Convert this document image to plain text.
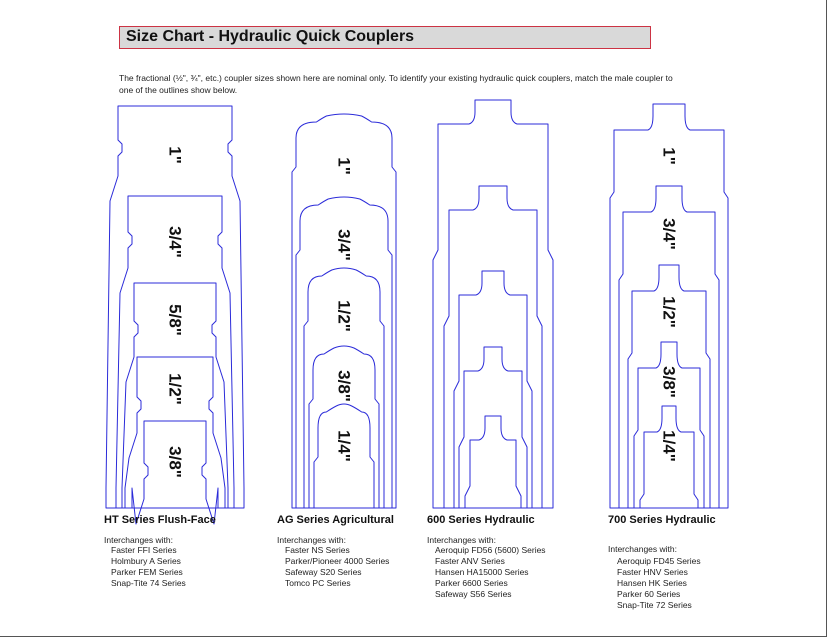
Size Chart - Hydraulic Quick Couplers
The fractional (½", ¾", etc.) coupler sizes shown here are nominal only. To identify your existing hydraulic quick couplers, match the male coupler to one of the outlines show below.
1"
3/4"
5/8"
1/2"
3/8"
1"
3/4"
1/2"
3/8"
1/4"
1"
3/4"
1/2"
3/8"
1/4"
HT Series Flush-Face
Interchanges with:
Faster FFI Series
Holmbury A Series
Parker FEM Series
Snap-Tite 74 Series
AG Series Agricultural
Interchanges with:
Faster NS Series
Parker/Pioneer 4000 Series
Safeway S20 Series
Tomco PC Series
600 Series Hydraulic
Interchanges with:
Aeroquip FD56 (5600) Series
Faster ANV Series
Hansen HA15000 Series
Parker 6600 Series
Safeway S56 Series
700 Series Hydraulic
Interchanges with:
Aeroquip FD45 Series
Faster HNV Series
Hansen HK Series
Parker 60 Series
Snap-Tite 72 Series
